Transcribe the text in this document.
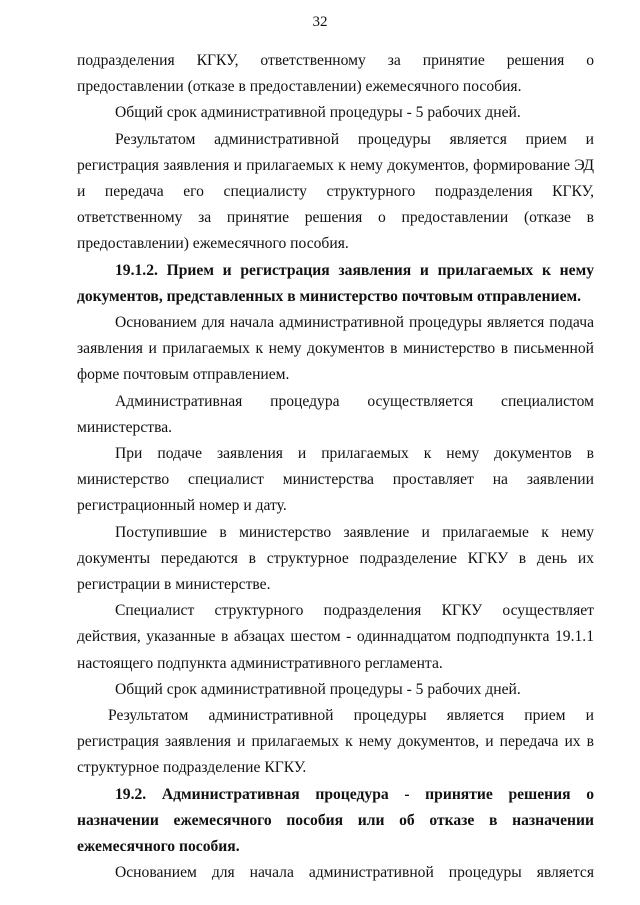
32

подразделения КГКУ, ответственному за принятие решения о предоставлении (отказе в предоставлении) ежемесячного пособия.

Общий срок административной процедуры - 5 рабочих дней.

Результатом административной процедуры является прием и регистрация заявления и прилагаемых к нему документов, формирование ЭД и передача его специалисту структурного подразделения КГКУ, ответственному за принятие решения о предоставлении (отказе в предоставлении) ежемесячного пособия.

19.1.2. Прием и регистрация заявления и прилагаемых к нему документов, представленных в министерство почтовым отправлением.

Основанием для начала административной процедуры является подача заявления и прилагаемых к нему документов в министерство в письменной форме почтовым отправлением.

Административная процедура осуществляется специалистом министерства.

При подаче заявления и прилагаемых к нему документов в министерство специалист министерства проставляет на заявлении регистрационный номер и дату.

Поступившие в министерство заявление и прилагаемые к нему документы передаются в структурное подразделение КГКУ в день их регистрации в министерстве.

Специалист структурного подразделения КГКУ осуществляет действия, указанные в абзацах шестом - одиннадцатом подподпункта 19.1.1 настоящего подпункта административного регламента.

Общий срок административной процедуры - 5 рабочих дней.

Результатом административной процедуры является прием и регистрация заявления и прилагаемых к нему документов, и передача их в структурное подразделение КГКУ.

19.2. Административная процедура - принятие решения о назначении ежемесячного пособия или об отказе в назначении ежемесячного пособия.

Основанием для начала административной процедуры является
